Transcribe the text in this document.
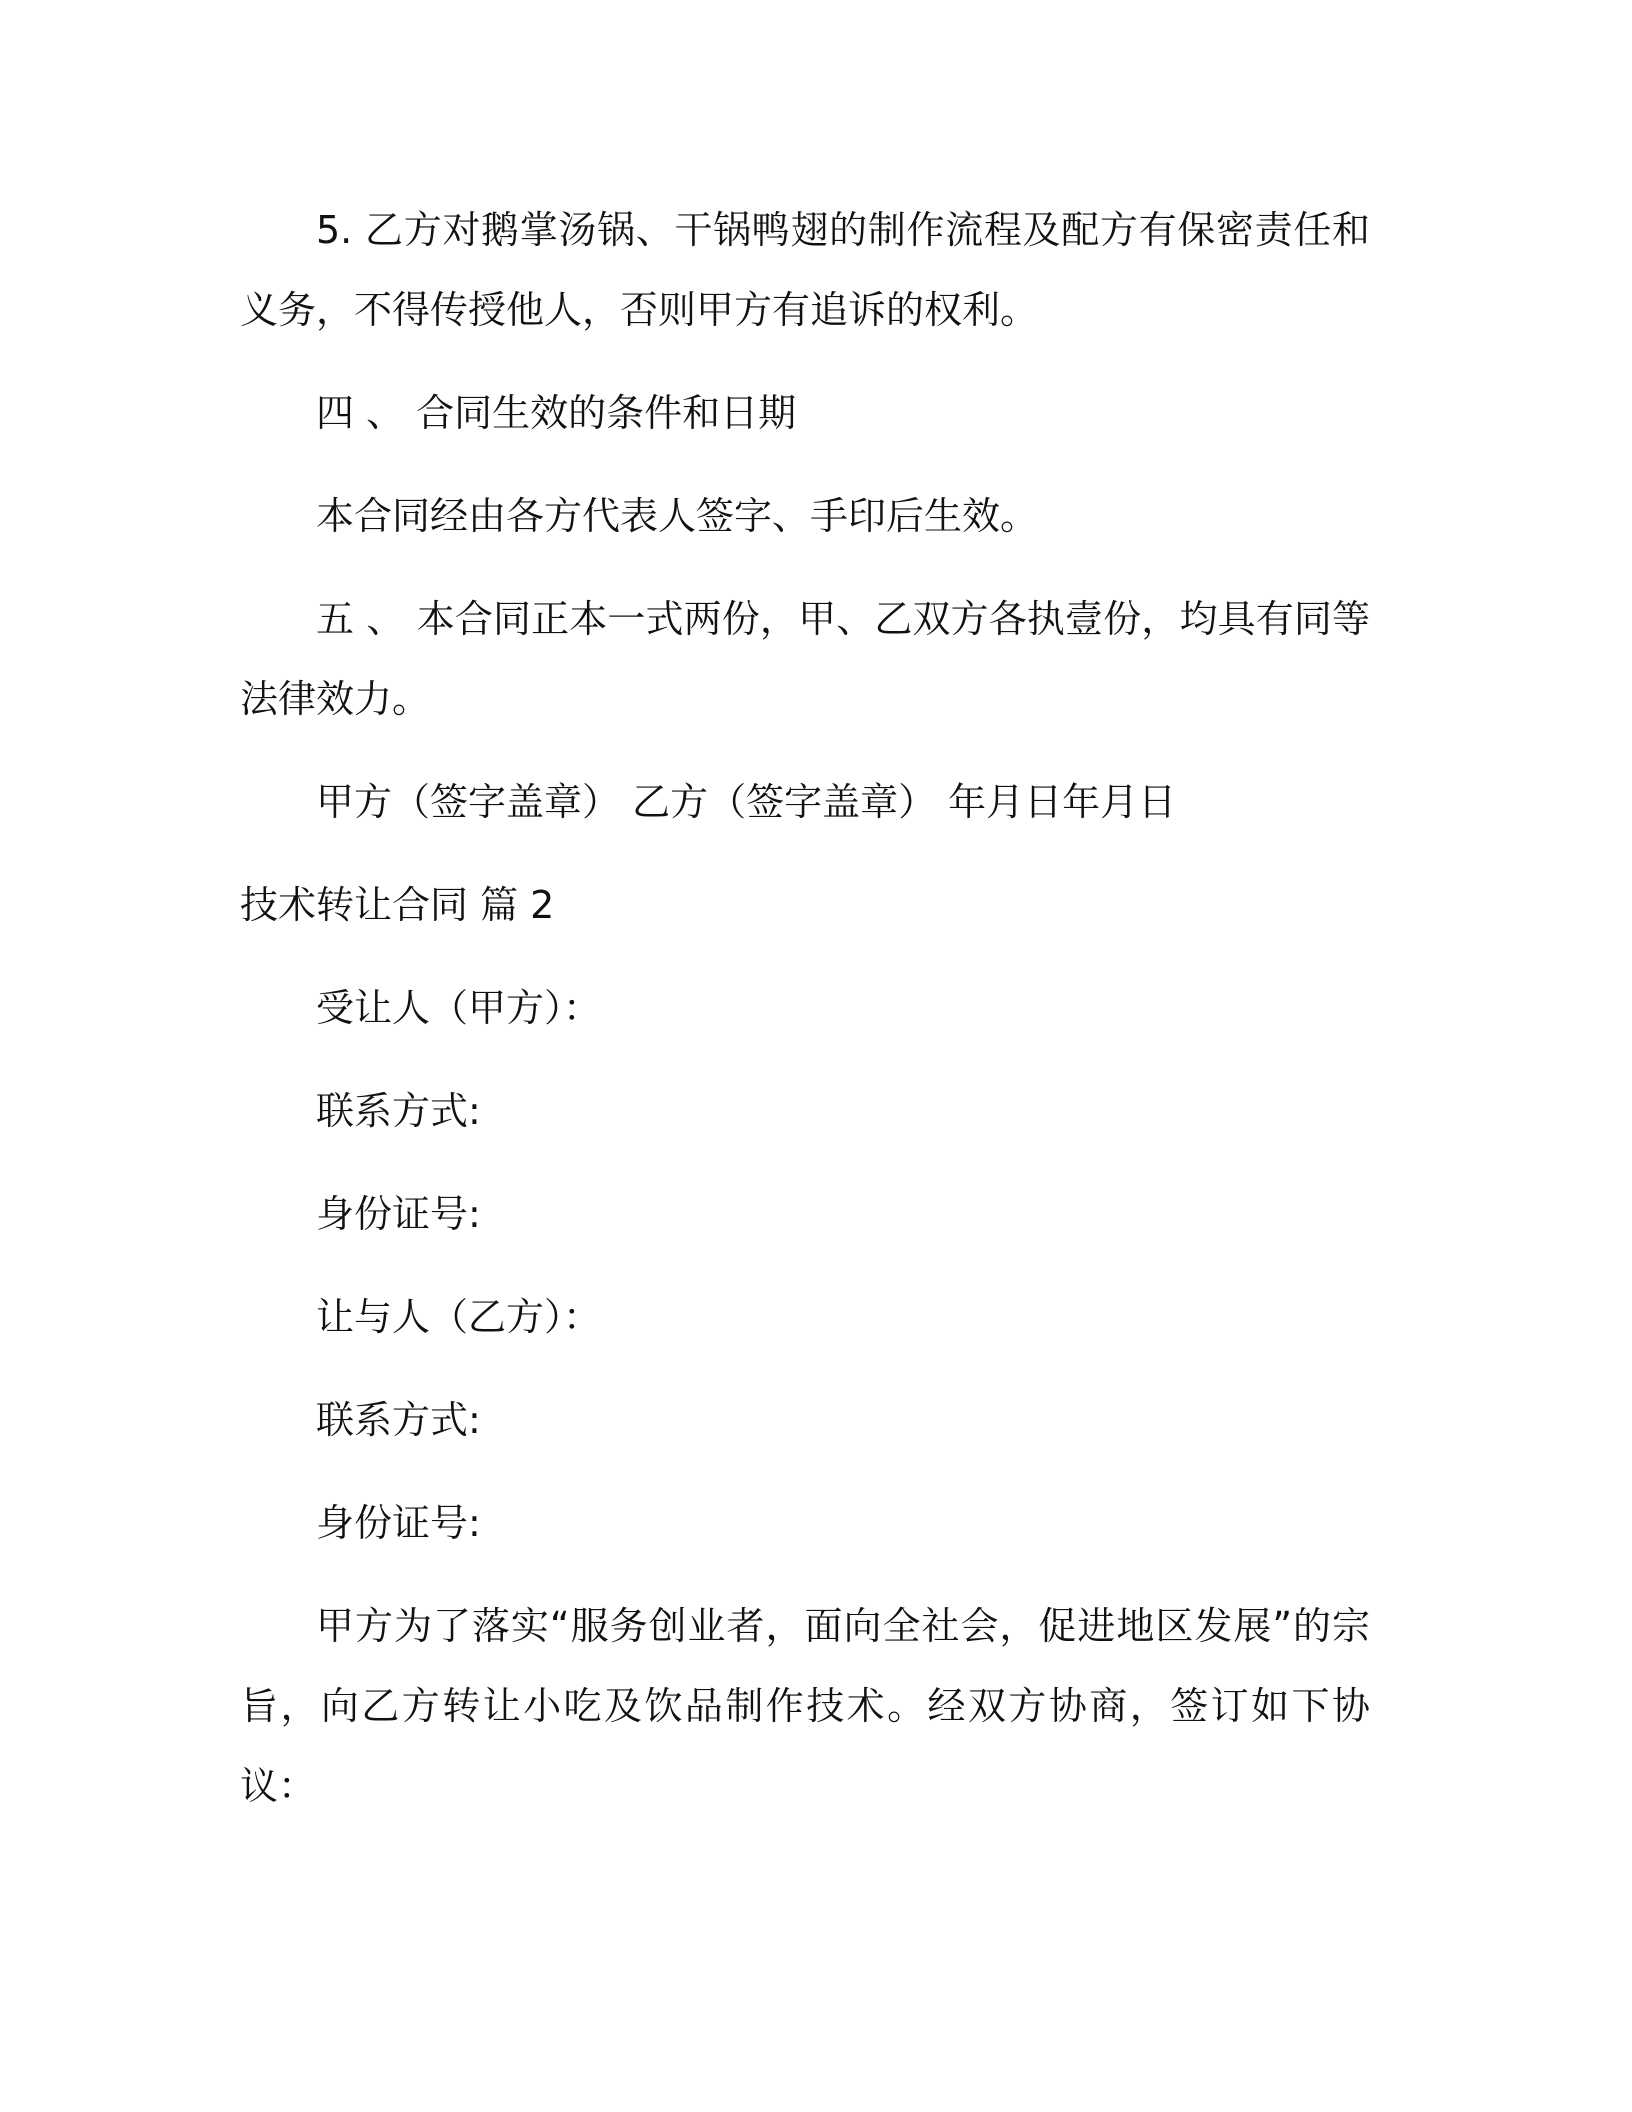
5. 乙方对鹅掌汤锅、干锅鸭翅的制作流程及配方有保密责任和义务，不得传授他人，否则甲方有追诉的权利。

四 、 合同生效的条件和日期

本合同经由各方代表人签字、手印后生效。

五 、 本合同正本一式两份，甲、乙双方各执壹份，均具有同等法律效力。

甲方（签字盖章） 乙方（签字盖章） 年月日年月日

技术转让合同 篇 2

受让人（甲方）：

联系方式:

身份证号:

让与人（乙方）：

联系方式:

身份证号:

甲方为了落实“服务创业者，面向全社会，促进地区发展”的宗旨，向乙方转让小吃及饮品制作技术。经双方协商，签订如下协议：
